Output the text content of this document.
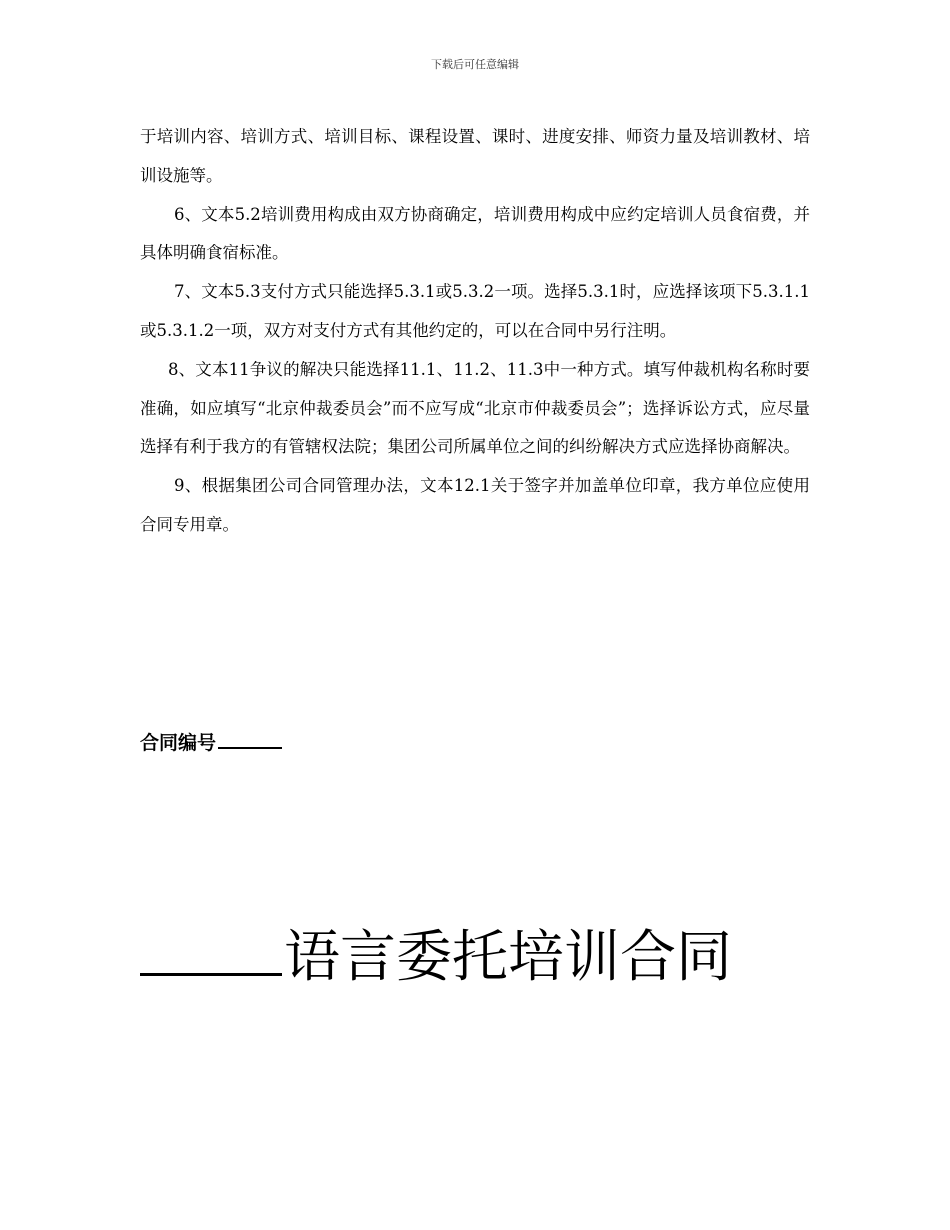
下载后可任意编辑

于培训内容、培训方式、培训目标、课程设置、课时、进度安排、师资力量及培训教材、培训设施等。

6、文本5.2培训费用构成由双方协商确定，培训费用构成中应约定培训人员食宿费，并具体明确食宿标准。

7、文本5.3支付方式只能选择5.3.1或5.3.2一项。选择5.3.1时，应选择该项下5.3.1.1或5.3.1.2一项，双方对支付方式有其他约定的，可以在合同中另行注明。

8、文本11争议的解决只能选择11.1、11.2、11.3中一种方式。填写仲裁机构名称时要准确，如应填写“北京仲裁委员会”而不应写成“北京市仲裁委员会”；选择诉讼方式，应尽量选择有利于我方的有管辖权法院；集团公司所属单位之间的纠纷解决方式应选择协商解决。

9、根据集团公司合同管理办法，文本12.1关于签字并加盖单位印章，我方单位应使用合同专用章。

合同编号
语言委托培训合同
